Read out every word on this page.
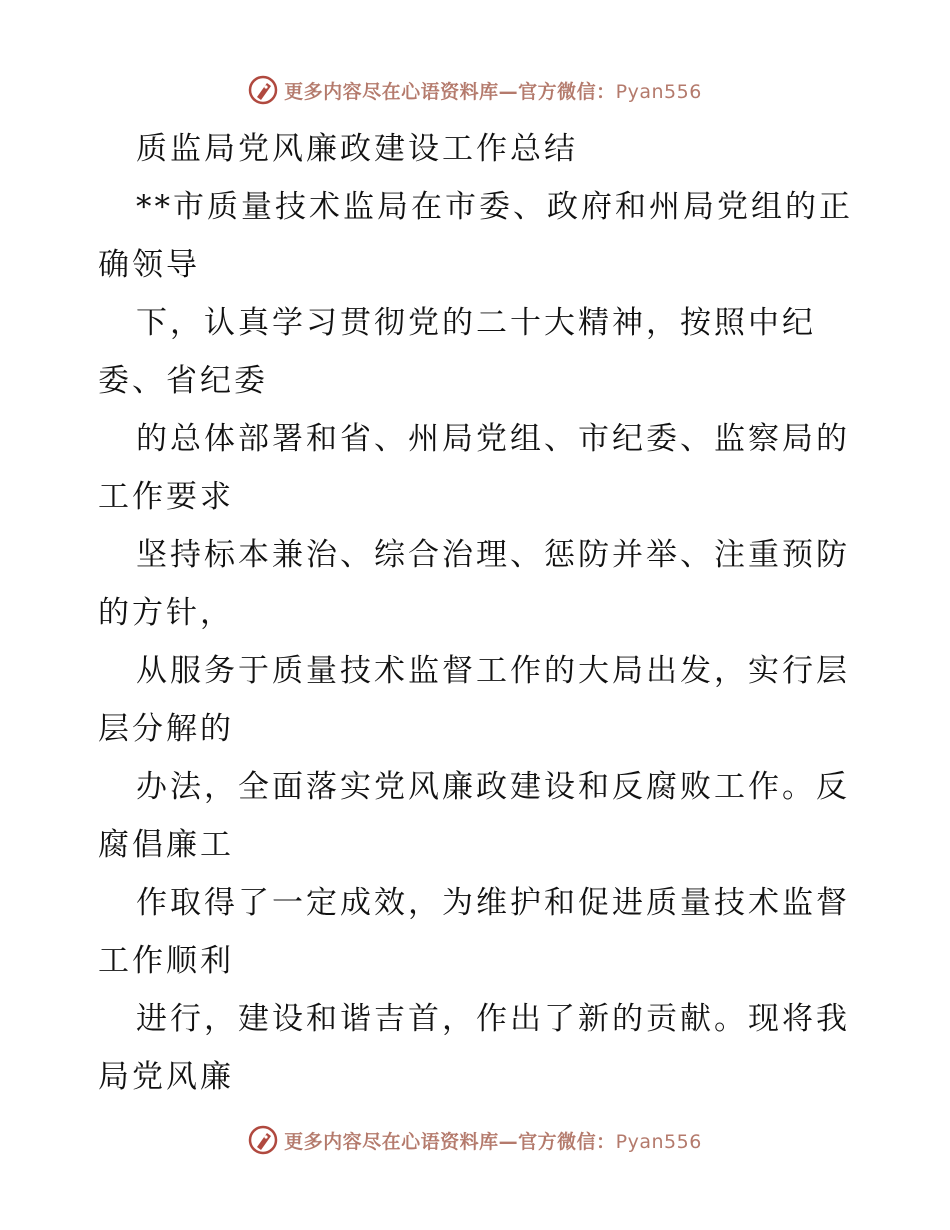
更多内容尽在心语资料库—官方微信：Pyan556
质监局党风廉政建设工作总结
**市质量技术监局在市委、政府和州局党组的正
确领导
下，认真学习贯彻党的二十大精神，按照中纪
委、省纪委
的总体部署和省、州局党组、市纪委、监察局的
工作要求
坚持标本兼治、综合治理、惩防并举、注重预防
的方针，
从服务于质量技术监督工作的大局出发，实行层
层分解的
办法，全面落实党风廉政建设和反腐败工作。反
腐倡廉工
作取得了一定成效，为维护和促进质量技术监督
工作顺利
进行，建设和谐吉首，作出了新的贡献。现将我
局党风廉
更多内容尽在心语资料库—官方微信：Pyan556
